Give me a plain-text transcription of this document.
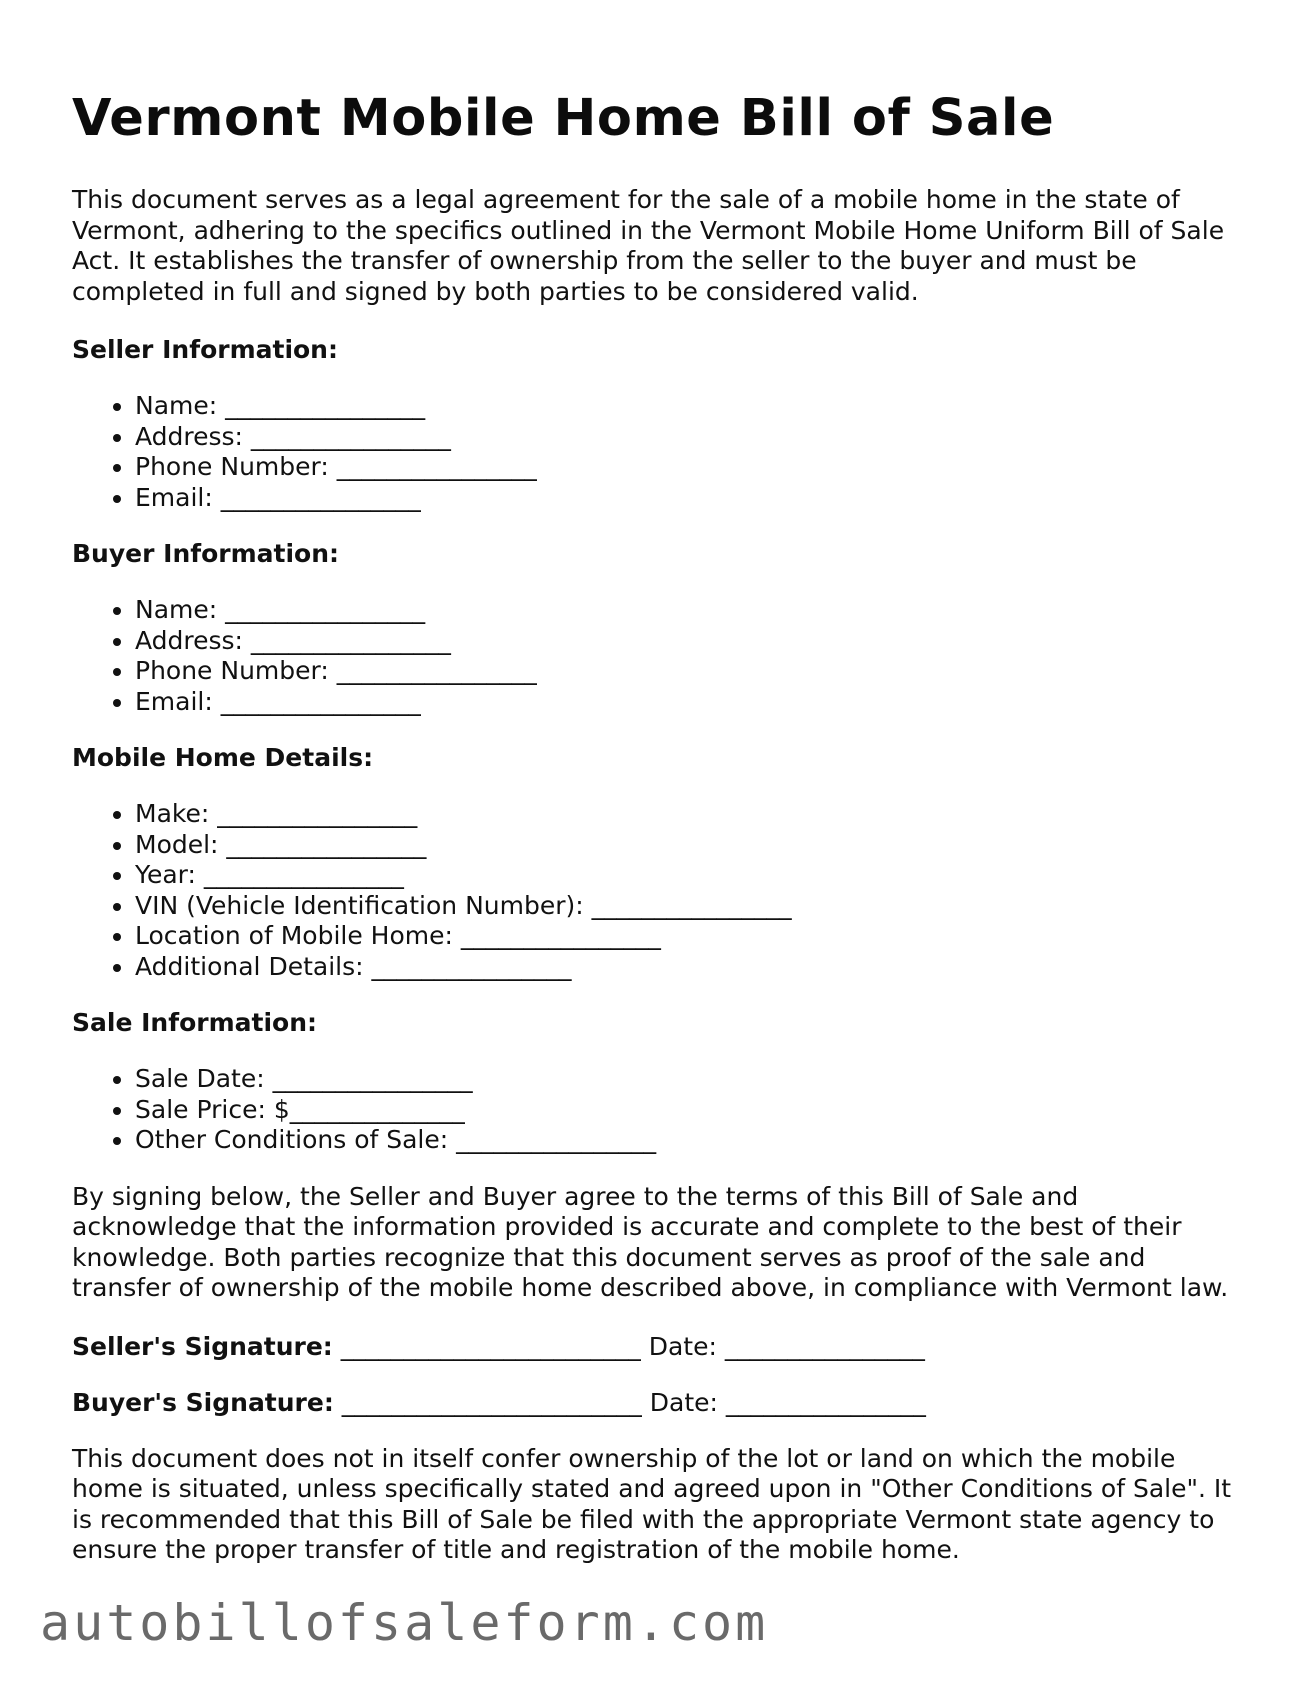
Vermont Mobile Home Bill of Sale

This document serves as a legal agreement for the sale of a mobile home in the state of Vermont, adhering to the specifics outlined in the Vermont Mobile Home Uniform Bill of Sale Act. It establishes the transfer of ownership from the seller to the buyer and must be completed in full and signed by both parties to be considered valid.

Seller Information:
• Name: ________________
• Address: ________________
• Phone Number: ________________
• Email: ________________
Buyer Information:
• Name: ________________
• Address: ________________
• Phone Number: ________________
• Email: ________________
Mobile Home Details:
• Make: ________________
• Model: ________________
• Year: ________________
• VIN (Vehicle Identification Number): ________________
• Location of Mobile Home: ________________
• Additional Details: ________________
Sale Information:
• Sale Date: ________________
• Sale Price: $______________
• Other Conditions of Sale: ________________

By signing below, the Seller and Buyer agree to the terms of this Bill of Sale and acknowledge that the information provided is accurate and complete to the best of their knowledge. Both parties recognize that this document serves as proof of the sale and transfer of ownership of the mobile home described above, in compliance with Vermont law.

Seller's Signature: ________________________ Date: ________________
Buyer's Signature: ________________________ Date: ________________

This document does not in itself confer ownership of the lot or land on which the mobile home is situated, unless specifically stated and agreed upon in "Other Conditions of Sale". It is recommended that this Bill of Sale be filed with the appropriate Vermont state agency to ensure the proper transfer of title and registration of the mobile home.

autobillofsaleform.com
